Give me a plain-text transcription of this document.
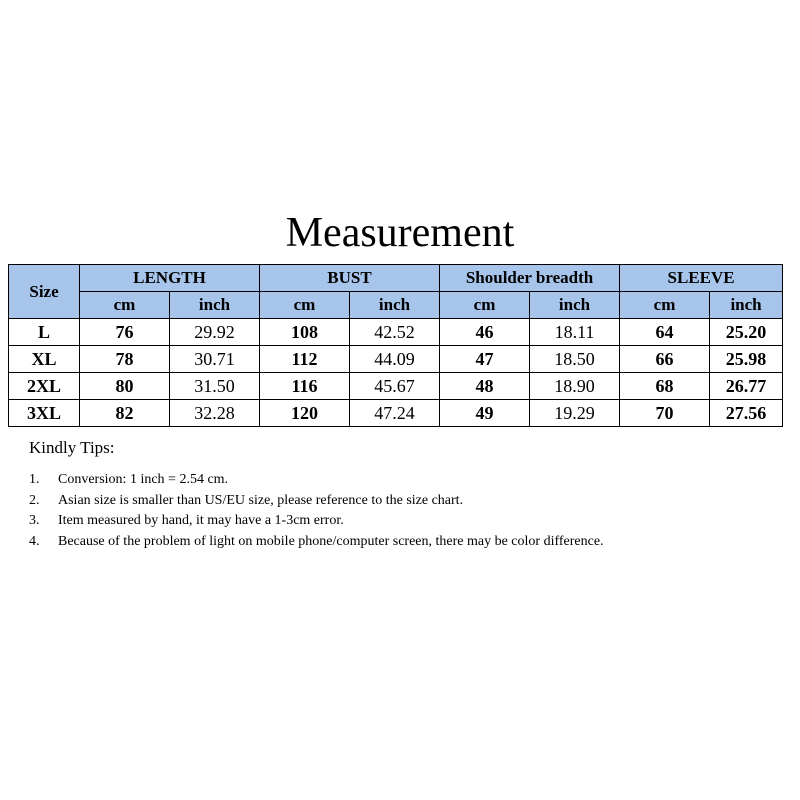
Measurement
Size	LENGTH		BUST		Shoulder breadth		SLEEVE	
	cm	inch	cm	inch	cm	inch	cm	inch
L	76	29.92	108	42.52	46	18.11	64	25.20
XL	78	30.71	112	44.09	47	18.50	66	25.98
2XL	80	31.50	116	45.67	48	18.90	68	26.77
3XL	82	32.28	120	47.24	49	19.29	70	27.56
Kindly Tips:
1. Conversion: 1 inch = 2.54 cm.
2. Asian size is smaller than US/EU size, please reference to the size chart.
3. Item measured by hand, it may have a 1-3cm error.
4. Because of the problem of light on mobile phone/computer screen, there may be color difference.
